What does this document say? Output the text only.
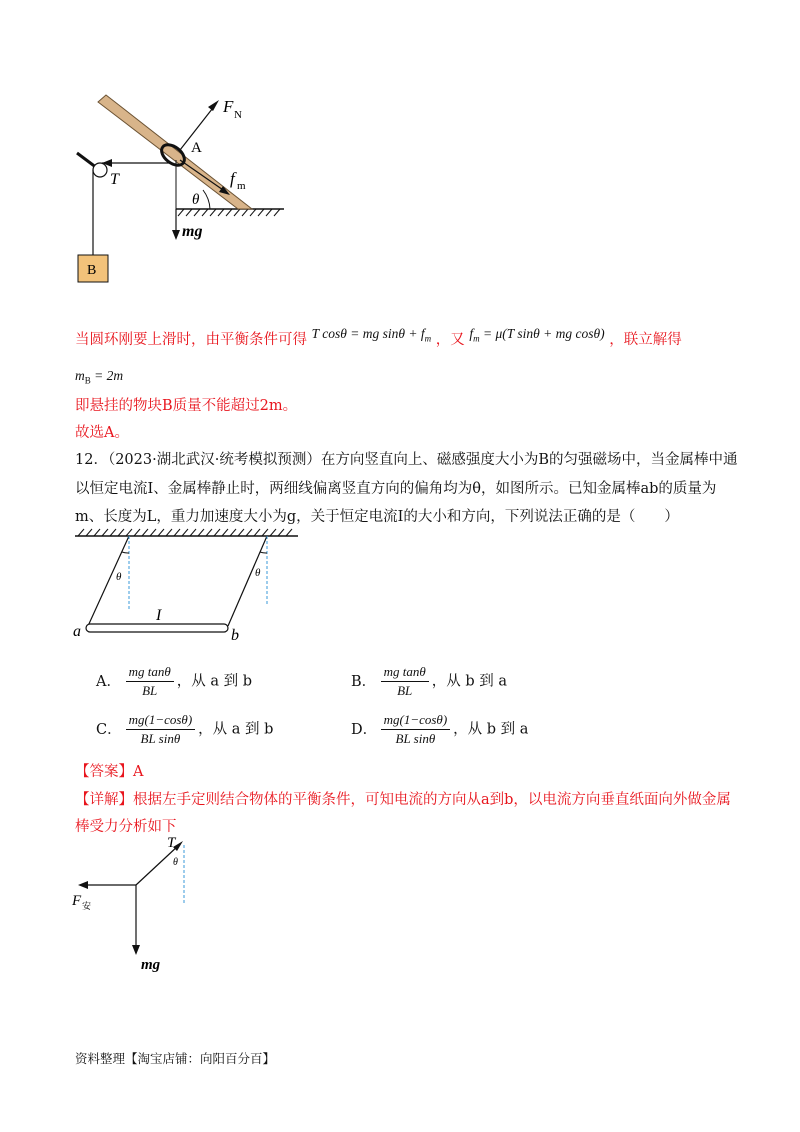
F N
A
T	f m
θ
mg
B
当圆环刚要上滑时，由平衡条件可得 T cosθ = mg $\sin\theta + f_m$ ，又 $f_m = \mu(T$ sinθ + mg cosθ) ，联立解得
$m_B = 2m$
即悬挂的物块B质量不能超过2m。
故选A。
12．（2023·湖北武汉·统考模拟预测）在方向竖直向上、磁感强度大小为B的匀强磁场中，当金属棒中通
以恒定电流I、金属棒静止时，两细线偏离竖直方向的偏角均为θ，如图所示。已知金属棒ab的质量为
m、长度为L，重力加速度大小为g，关于恒定电流I的大小和方向，下列说法正确的是（　　）
θ	θ
I
a	b
A． $\frac{\text{mg tanθ}}{BL}$ ，从 a 到 b	B． $\frac{\text{mg tanθ}}{BL}$ ，从 b 到 a
C． $\frac{mg(1-\cos\theta)}{\text{BL sinθ}}$ ，从 a 到 b	D． $\frac{mg(1-\cos\theta)}{\text{BL sinθ}}$ ，从 b 到 a
【答案】A
【详解】根据左手定则结合物体的平衡条件，可知电流的方向从a到b，以电流方向垂直纸面向外做金属
棒受力分析如下
T
θ
F 安
mg
资料整理【淘宝店铺：向阳百分百】
